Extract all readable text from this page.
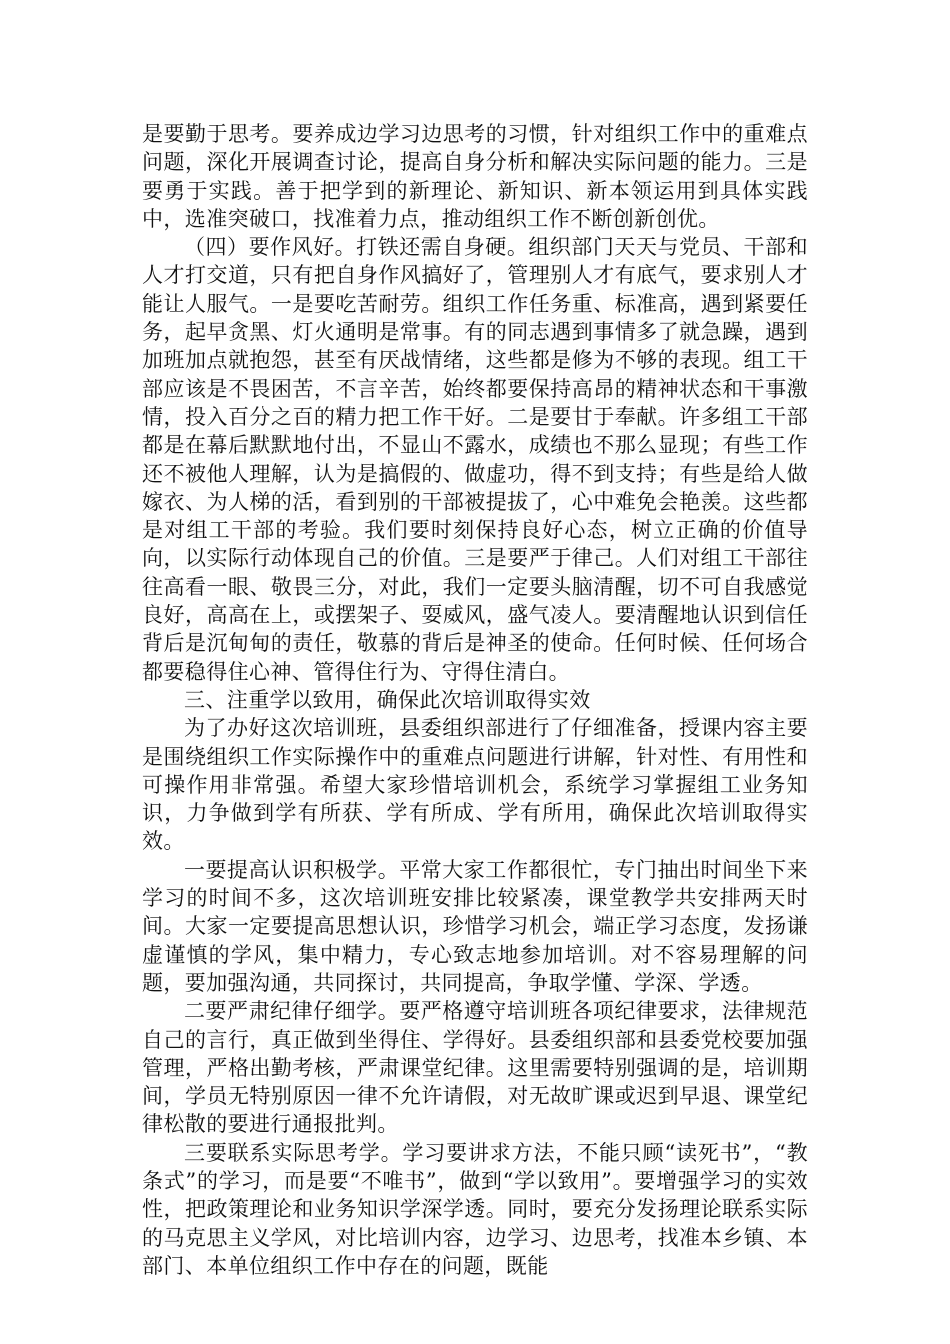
是要勤于思考。要养成边学习边思考的习惯，针对组织工作中的重难点问题，深化开展调查讨论，提高自身分析和解决实际问题的能力。三是要勇于实践。善于把学到的新理论、新知识、新本领运用到具体实践中，选准突破口，找准着力点，推动组织工作不断创新创优。

（四）要作风好。打铁还需自身硬。组织部门天天与党员、干部和人才打交道，只有把自身作风搞好了，管理别人才有底气，要求别人才能让人服气。一是要吃苦耐劳。组织工作任务重、标准高，遇到紧要任务，起早贪黑、灯火通明是常事。有的同志遇到事情多了就急躁，遇到加班加点就抱怨，甚至有厌战情绪，这些都是修为不够的表现。组工干部应该是不畏困苦，不言辛苦，始终都要保持高昂的精神状态和干事激情，投入百分之百的精力把工作干好。二是要甘于奉献。许多组工干部都是在幕后默默地付出，不显山不露水，成绩也不那么显现；有些工作还不被他人理解，认为是搞假的、做虚功，得不到支持；有些是给人做嫁衣、为人梯的活，看到别的干部被提拔了，心中难免会艳羡。这些都是对组工干部的考验。我们要时刻保持良好心态，树立正确的价值导向，以实际行动体现自己的价值。三是要严于律己。人们对组工干部往往高看一眼、敬畏三分，对此，我们一定要头脑清醒，切不可自我感觉良好，高高在上，或摆架子、耍威风，盛气凌人。要清醒地认识到信任背后是沉甸甸的责任，敬慕的背后是神圣的使命。任何时候、任何场合都要稳得住心神、管得住行为、守得住清白。

三、注重学以致用，确保此次培训取得实效

为了办好这次培训班，县委组织部进行了仔细准备，授课内容主要是围绕组织工作实际操作中的重难点问题进行讲解，针对性、有用性和可操作用非常强。希望大家珍惜培训机会，系统学习掌握组工业务知识，力争做到学有所获、学有所成、学有所用，确保此次培训取得实效。

一要提高认识积极学。平常大家工作都很忙，专门抽出时间坐下来学习的时间不多，这次培训班安排比较紧凑，课堂教学共安排两天时间。大家一定要提高思想认识，珍惜学习机会，端正学习态度，发扬谦虚谨慎的学风，集中精力，专心致志地参加培训。对不容易理解的问题，要加强沟通，共同探讨，共同提高，争取学懂、学深、学透。

二要严肃纪律仔细学。要严格遵守培训班各项纪律要求，法律规范自己的言行，真正做到坐得住、学得好。县委组织部和县委党校要加强管理，严格出勤考核，严肃课堂纪律。这里需要特别强调的是，培训期间，学员无特别原因一律不允许请假，对无故旷课或迟到早退、课堂纪律松散的要进行通报批判。

三要联系实际思考学。学习要讲求方法，不能只顾“读死书”，“教条式”的学习，而是要“不唯书”，做到“学以致用”。要增强学习的实效性，把政策理论和业务知识学深学透。同时，要充分发扬理论联系实际的马克思主义学风，对比培训内容，边学习、边思考，找准本乡镇、本部门、本单位组织工作中存在的问题，既能
